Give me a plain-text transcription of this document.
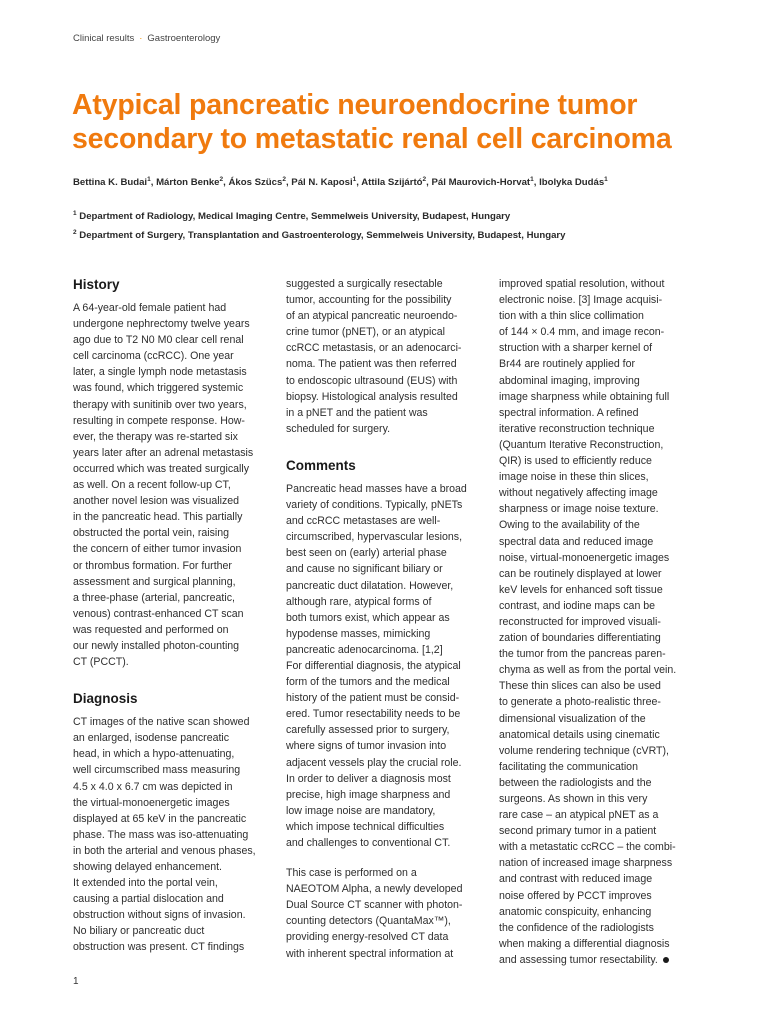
Clinical results · Gastroenterology
Atypical pancreatic neuroendocrine tumor
secondary to metastatic renal cell carcinoma
Bettina K. Budai$^1$, Márton Benke$^2$, Ákos Szücs$^2$, Pál N. Kaposi$^1$, Attila Szijártó$^2$, Pál Maurovich-Horvat$^1$, Ibolyka Dudás$^1$
$^1$ Department of Radiology, Medical Imaging Centre, Semmelweis University, Budapest, Hungary
$^2$ Department of Surgery, Transplantation and Gastroenterology, Semmelweis University, Budapest, Hungary
History
A 64-year-old female patient had
undergone nephrectomy twelve years
ago due to T2 N0 M0 clear cell renal
cell carcinoma (ccRCC). One year
later, a single lymph node metastasis
was found, which triggered systemic
therapy with sunitinib over two years,
resulting in compete response. How-
ever, the therapy was re-started six
years later after an adrenal metastasis
occurred which was treated surgically
as well. On a recent follow-up CT,
another novel lesion was visualized
in the pancreatic head. This partially
obstructed the portal vein, raising
the concern of either tumor invasion
or thrombus formation. For further
assessment and surgical planning,
a three-phase (arterial, pancreatic,
venous) contrast-enhanced CT scan
was requested and performed on
our newly installed photon-counting
CT (PCCT).
Diagnosis
CT images of the native scan showed
an enlarged, isodense pancreatic
head, in which a hypo-attenuating,
well circumscribed mass measuring
4.5 x 4.0 x 6.7 cm was depicted in
the virtual-monoenergetic images
displayed at 65 keV in the pancreatic
phase. The mass was iso-attenuating
in both the arterial and venous phases,
showing delayed enhancement.
It extended into the portal vein,
causing a partial dislocation and
obstruction without signs of invasion.
No biliary or pancreatic duct
obstruction was present. CT findings
suggested a surgically resectable
tumor, accounting for the possibility
of an atypical pancreatic neuroendo-
crine tumor (pNET), or an atypical
ccRCC metastasis, or an adenocarci-
noma. The patient was then referred
to endoscopic ultrasound (EUS) with
biopsy. Histological analysis resulted
in a pNET and the patient was
scheduled for surgery.
Comments
Pancreatic head masses have a broad
variety of conditions. Typically, pNETs
and ccRCC metastases are well-
circumscribed, hypervascular lesions,
best seen on (early) arterial phase
and cause no significant biliary or
pancreatic duct dilatation. However,
although rare, atypical forms of
both tumors exist, which appear as
hypodense masses, mimicking
pancreatic adenocarcinoma. [1,2]
For differential diagnosis, the atypical
form of the tumors and the medical
history of the patient must be consid-
ered. Tumor resectability needs to be
carefully assessed prior to surgery,
where signs of tumor invasion into
adjacent vessels play the crucial role.
In order to deliver a diagnosis most
precise, high image sharpness and
low image noise are mandatory,
which impose technical difficulties
and challenges to conventional CT.
This case is performed on a
NAEOTOM Alpha, a newly developed
Dual Source CT scanner with photon-
counting detectors (QuantaMax™),
providing energy-resolved CT data
with inherent spectral information at
improved spatial resolution, without
electronic noise. [3] Image acquisi-
tion with a thin slice collimation
of 144 × 0.4 mm, and image recon-
struction with a sharper kernel of
Br44 are routinely applied for
abdominal imaging, improving
image sharpness while obtaining full
spectral information. A refined
iterative reconstruction technique
(Quantum Iterative Reconstruction,
QIR) is used to efficiently reduce
image noise in these thin slices,
without negatively affecting image
sharpness or image noise texture.
Owing to the availability of the
spectral data and reduced image
noise, virtual-monoenergetic images
can be routinely displayed at lower
keV levels for enhanced soft tissue
contrast, and iodine maps can be
reconstructed for improved visuali-
zation of boundaries differentiating
the tumor from the pancreas paren-
chyma as well as from the portal vein.
These thin slices can also be used
to generate a photo-realistic three-
dimensional visualization of the
anatomical details using cinematic
volume rendering technique (cVRT),
facilitating the communication
between the radiologists and the
surgeons. As shown in this very
rare case – an atypical pNET as a
second primary tumor in a patient
with a metastatic ccRCC – the combi-
nation of increased image sharpness
and contrast with reduced image
noise offered by PCCT improves
anatomic conspicuity, enhancing
the confidence of the radiologists
when making a differential diagnosis
and assessing tumor resectability.
1
